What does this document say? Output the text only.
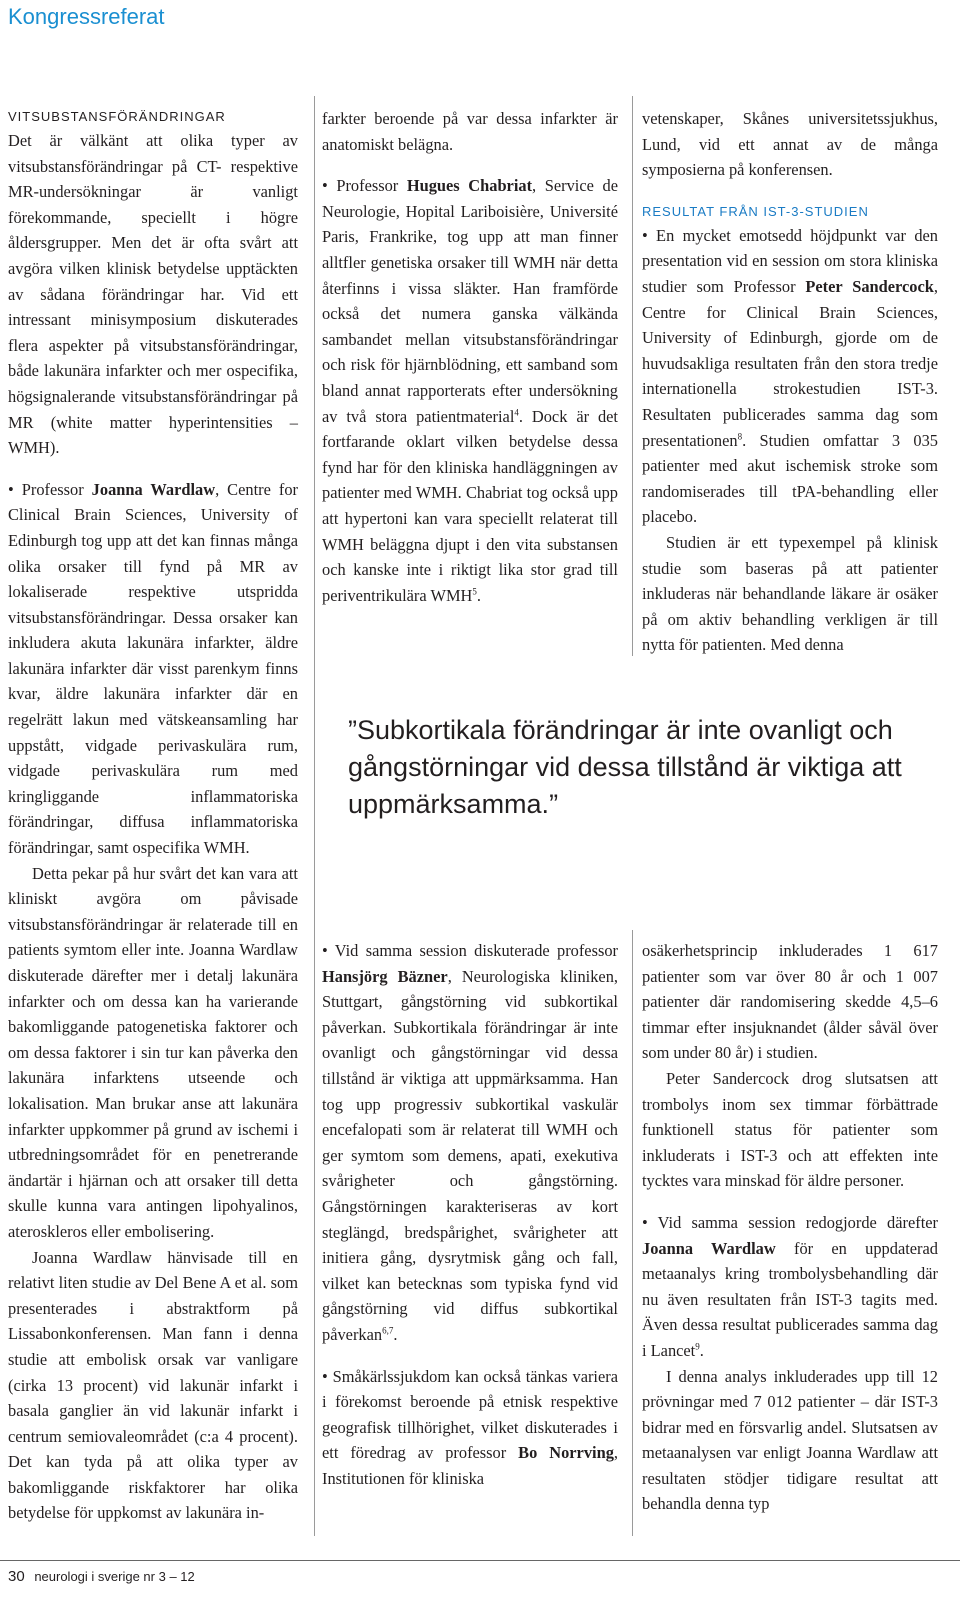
Kongressreferat

VITSUBSTANSFÖRÄNDRINGAR

Det är välkänt att olika typer av vitsubstansförändringar på CT- respektive MR-undersökningar är vanligt förekommande, speciellt i högre åldersgrupper. Men det är ofta svårt att avgöra vilken klinisk betydelse upptäckten av sådana förändringar har. Vid ett intressant minisymposium diskuterades flera aspekter på vitsubstansförändringar, både lakunära infarkter och mer ospecifika, högsignalerande vitsubstansförändringar på MR (white matter hyperintensities – WMH).

• Professor Joanna Wardlaw, Centre for Clinical Brain Sciences, University of Edinburgh tog upp att det kan finnas många olika orsaker till fynd på MR av lokaliserade respektive utspridda vitsubstansförändringar. Dessa orsaker kan inkludera akuta lakunära infarkter, äldre lakunära infarkter där visst parenkym finns kvar, äldre lakunära infarkter där en regelrätt lakun med vätskeansamling har uppstått, vidgade perivaskulära rum, vidgade perivaskulära rum med kringliggande inflammatoriska förändringar, diffusa inflammatoriska förändringar, samt ospecifika WMH.

Detta pekar på hur svårt det kan vara att kliniskt avgöra om påvisade vitsubstansförändringar är relaterade till en patients symtom eller inte. Joanna Wardlaw diskuterade därefter mer i detalj lakunära infarkter och om dessa kan ha varierande bakomliggande patogenetiska faktorer och om dessa faktorer i sin tur kan påverka den lakunära infarktens utseende och lokalisation. Man brukar anse att lakunära infarkter uppkommer på grund av ischemi i utbredningsområdet för en penetrerande ändartär i hjärnan och att orsaker till detta skulle kunna vara antingen lipohyalinos, ateroskleros eller embolisering.

Joanna Wardlaw hänvisade till en relativt liten studie av Del Bene A et al. som presenterades i abstraktform på Lissabonkonferensen. Man fann i denna studie att embolisk orsak var vanligare (cirka 13 procent) vid lakunär infarkt i basala ganglier än vid lakunär infarkt i centrum semiovaleområdet (c:a 4 procent). Det kan tyda på att olika typer av bakomliggande riskfaktorer har olika betydelse för uppkomst av lakunära in-

farkter beroende på var dessa infarkter är anatomiskt belägna.

• Professor Hugues Chabriat, Service de Neurologie, Hopital Lariboisière, Université Paris, Frankrike, tog upp att man finner alltfler genetiska orsaker till WMH när detta återfinns i vissa släkter. Han framförde också det numera ganska välkända sambandet mellan vitsubstansförändringar och risk för hjärnblödning, ett samband som bland annat rapporterats efter undersökning av två stora patientmaterial$^4$. Dock är det fortfarande oklart vilken betydelse dessa fynd har för den kliniska handläggningen av patienter med WMH. Chabriat tog också upp att hypertoni kan vara speciellt relaterat till WMH beläggna djupt i den vita substansen och kanske inte i riktigt lika stor grad till periventrikulära WMH$^5$.

vetenskaper, Skånes universitetssjukhus, Lund, vid ett annat av de många symposierna på konferensen.

RESULTAT FRÅN IST-3-STUDIEN

• En mycket emotsedd höjdpunkt var den presentation vid en session om stora kliniska studier som Professor Peter Sandercock, Centre for Clinical Brain Sciences, University of Edinburgh, gjorde om de huvudsakliga resultaten från den stora tredje internationella strokestudien IST-3. Resultaten publicerades samma dag som presentationen$^8$. Studien omfattar 3 035 patienter med akut ischemisk stroke som randomiserades till tPA-behandling eller placebo.

Studien är ett typexempel på klinisk studie som baseras på att patienter inkluderas när behandlande läkare är osäker på om aktiv behandling verkligen är till nytta för patienten. Med denna

”Subkortikala förändringar är inte ovanligt och gångstörningar vid dessa tillstånd är viktiga att uppmärksamma.”

• Vid samma session diskuterade professor Hansjörg Bäzner, Neurologiska kliniken, Stuttgart, gångstörning vid subkortikal påverkan. Subkortikala förändringar är inte ovanligt och gångstörningar vid dessa tillstånd är viktiga att uppmärksamma. Han tog upp progressiv subkortikal vaskulär encefalopati som är relaterat till WMH och ger symtom som demens, apati, exekutiva svårigheter och gångstörning. Gångstörningen karakteriseras av kort steglängd, bredspårighet, svårigheter att initiera gång, dysrytmisk gång och fall, vilket kan betecknas som typiska fynd vid gångstörning vid diffus subkortikal påverkan$^{6,7}$.

• Småkärlssjukdom kan också tänkas variera i förekomst beroende på etnisk respektive geografisk tillhörighet, vilket diskuterades i ett föredrag av professor Bo Norrving, Institutionen för kliniska

osäkerhetsprincip inkluderades 1 617 patienter som var över 80 år och 1 007 patienter där randomisering skedde 4,5–6 timmar efter insjuknandet (ålder såväl över som under 80 år) i studien.

Peter Sandercock drog slutsatsen att trombolys inom sex timmar förbättrade funktionell status för patienter som inkluderats i IST-3 och att effekten inte tycktes vara minskad för äldre personer.

• Vid samma session redogjorde därefter Joanna Wardlaw för en uppdaterad metaanalys kring trombolysbehandling där nu även resultaten från IST-3 tagits med. Även dessa resultat publicerades samma dag i Lancet$^9$.

I denna analys inkluderades upp till 12 prövningar med 7 012 patienter – där IST-3 bidrar med en försvarlig andel. Slutsatsen av metaanalysen var enligt Joanna Wardlaw att resultaten stödjer tidigare resultat att behandla denna typ

30 neurologi i sverige nr 3 – 12
